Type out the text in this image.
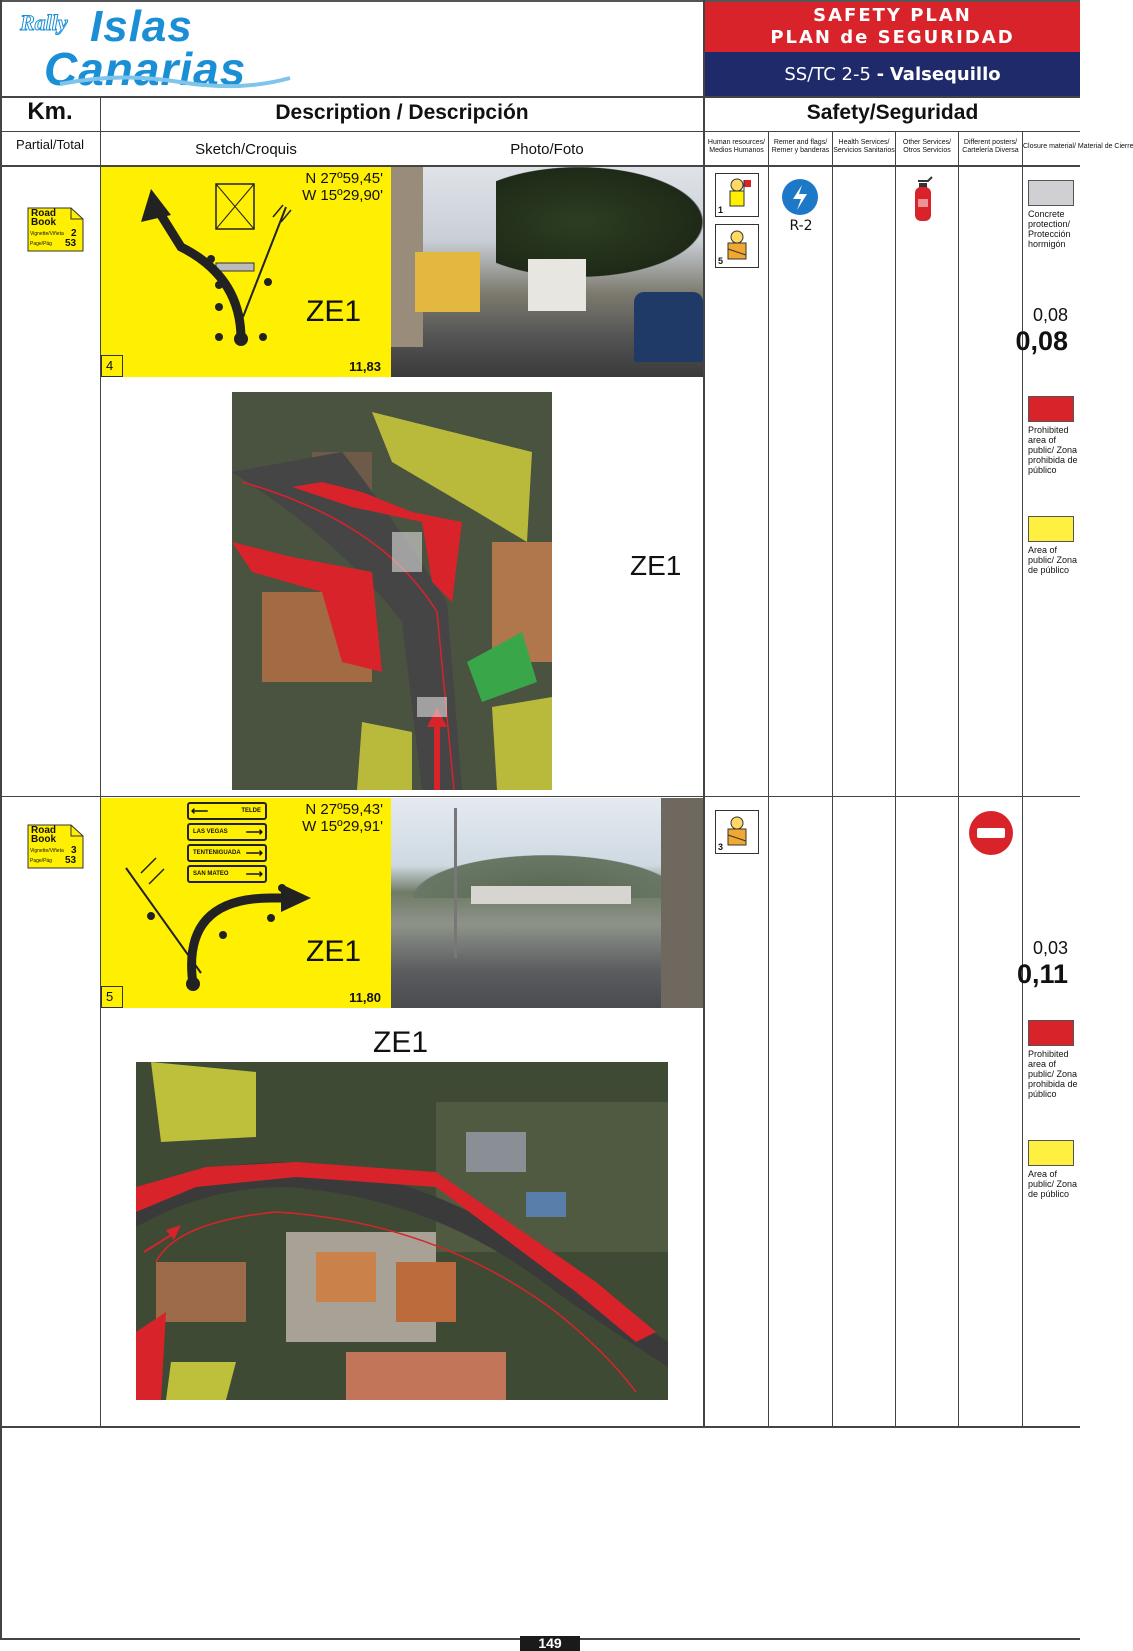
Rally Islas
Canarias
SAFETY PLAN
PLAN de SEGURIDAD
SS/TC 2-5
-
Valsequillo
Km.
Partial/Total
Description / Descripción
Sketch/Croquis	Photo/Foto
Safety/Seguridad
Human resources/ Medios Humanos
Remer and flags/ Remer y banderas
Health Services/ Servicios Sanitarios
Other Services/ Otros Servicios
Different posters/ Cartelería Diversa
Closure material/ Material de Cierre
Road
Book
Vignette/Viñeta 2
Page/Pág 53
0,08
0,08
N 27º59,45'
W 15º29,90'
ZE1
4	11,83
ZE1
1
5
R-2
Concrete protection/ Protección hormigón
Prohibited area of public/ Zona prohibida de público
Area of public/ Zona de público
Road
Book
Vignette/Viñeta 3
Page/Pág 53
0,03
0,11
⟵	TELDE
LAS VEGAS ⟶
TENTENIGUADA ⟶
SAN MATEO ⟶
N 27º59,43'
W 15º29,91'
ZE1
5	11,80
ZE1
3
Prohibited area of public/ Zona prohibida de público
Area of public/ Zona de público
149
